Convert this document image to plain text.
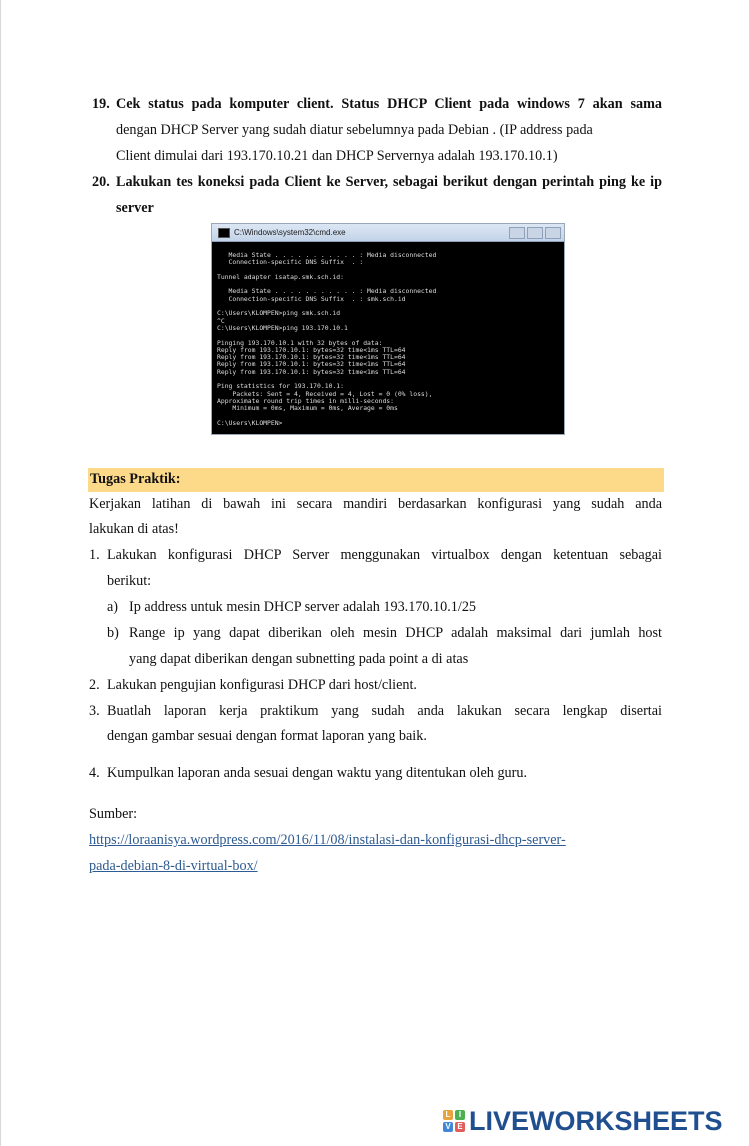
19. Cek status pada komputer client. Status DHCP Client pada windows 7 akan sama
dengan DHCP Server yang sudah diatur sebelumnya pada Debian . (IP address pada
Client dimulai dari 193.170.10.21 dan DHCP Servernya adalah 193.170.10.1)
20. Lakukan tes koneksi pada Client ke Server, sebagai berikut dengan perintah ping ke ip
server
C:\Windows\system32\cmd.exe
Media State . . . . . . . . . . . : Media disconnected
Connection-specific DNS Suffix  . :

Tunnel adapter isatap.smk.sch.id:

Media State . . . . . . . . . . . : Media disconnected
Connection-specific DNS Suffix  . : smk.sch.id

C:\Users\KLOMPEN>ping smk.sch.id
^C
C:\Users\KLOMPEN>ping 193.170.10.1

Pinging 193.170.10.1 with 32 bytes of data:
Reply from 193.170.10.1: bytes=32 time<1ms TTL=64
Reply from 193.170.10.1: bytes=32 time<1ms TTL=64
Reply from 193.170.10.1: bytes=32 time<1ms TTL=64
Reply from 193.170.10.1: bytes=32 time<1ms TTL=64

Ping statistics for 193.170.10.1:
Packets: Sent = 4, Received = 4, Lost = 0 (0% loss),
Approximate round trip times in milli-seconds:
Minimum = 0ms, Maximum = 0ms, Average = 0ms

C:\Users\KLOMPEN>
Tugas Praktik:
Kerjakan latihan di bawah ini secara mandiri berdasarkan konfigurasi yang sudah anda
lakukan di atas!
1. Lakukan konfigurasi DHCP Server menggunakan virtualbox dengan ketentuan sebagai
berikut:
a) Ip address untuk mesin DHCP server adalah 193.170.10.1/25
b) Range ip yang dapat diberikan oleh mesin DHCP adalah maksimal dari jumlah host
yang dapat diberikan dengan subnetting pada point a di atas
2. Lakukan pengujian konfigurasi DHCP dari host/client.
3. Buatlah laporan kerja praktikum yang sudah anda lakukan secara lengkap disertai
dengan gambar sesuai dengan format laporan yang baik.
4. Kumpulkan laporan anda sesuai dengan waktu yang ditentukan oleh guru.
Sumber:
https://loraanisya.wordpress.com/2016/11/08/instalasi-dan-konfigurasi-dhcp-server-
pada-debian-8-di-virtual-box/
L	I
V E LIVEWORKSHEETS
